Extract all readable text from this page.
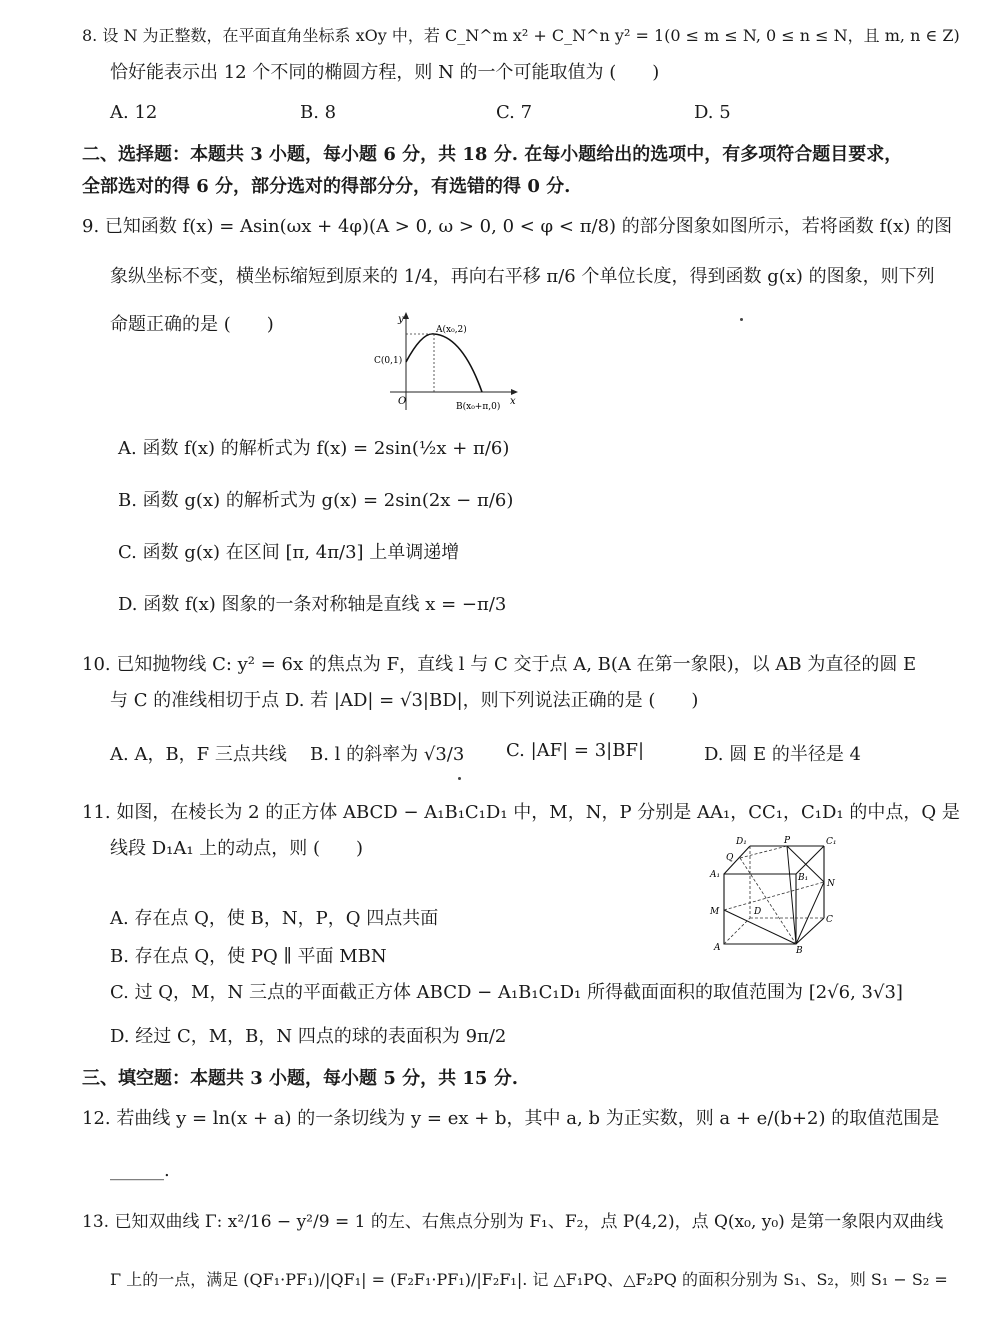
8. 设 N 为正整数，在平面直角坐标系 xOy 中，若 C_N^m x² + C_N^n y² = 1(0 ≤ m ≤ N, 0 ≤ n ≤ N，且 m, n ∈ Z)
恰好能表示出 12 个不同的椭圆方程，则 N 的一个可能取值为 (　　)
A. 12	B. 8	C. 7	D. 5
二、选择题：本题共 3 小题，每小题 6 分，共 18 分. 在每小题给出的选项中，有多项符合题目要求，
全部选对的得 6 分，部分选对的得部分分，有选错的得 0 分.
9. 已知函数 f(x) = Asin(ωx + 4φ)(A > 0, ω > 0, 0 < φ < π/8) 的部分图象如图所示，若将函数 f(x) 的图
象纵坐标不变，横坐标缩短到原来的 1/4，再向右平移 π/6 个单位长度，得到函数 g(x) 的图象，则下列
命题正确的是 (　　)	y
x
O
A(x₀,2)
C(0,1)
B(x₀+π,0)
A. 函数 f(x) 的解析式为 f(x) = 2sin(½x + π/6)
B. 函数 g(x) 的解析式为 g(x) = 2sin(2x − π/6)
C. 函数 g(x) 在区间 [π, 4π/3] 上单调递增
D. 函数 f(x) 图象的一条对称轴是直线 x = −π/3
10. 已知抛物线 C: y² = 6x 的焦点为 F，直线 l 与 C 交于点 A, B(A 在第一象限)，以 AB 为直径的圆 E
与 C 的准线相切于点 D. 若 |AD| = √3|BD|，则下列说法正确的是 (　　)
A. A，B，F 三点共线 B. l 的斜率为 √3/3 C. |AF| = 3|BF|	D. 圆 E 的半径是 4
11. 如图，在棱长为 2 的正方体 ABCD − A₁B₁C₁D₁ 中，M，N，P 分别是 AA₁，CC₁，C₁D₁ 的中点，Q 是
线段 D₁A₁ 上的动点，则 (　　)	D₁	P	C₁
Q
A₁	B₁
N
M	D
C
A	B
A. 存在点 Q，使 B，N，P，Q 四点共面
B. 存在点 Q，使 PQ ∥ 平面 MBN
C. 过 Q，M，N 三点的平面截正方体 ABCD − A₁B₁C₁D₁ 所得截面面积的取值范围为 [2√6, 3√3]
D. 经过 C，M，B，N 四点的球的表面积为 9π/2
三、填空题：本题共 3 小题，每小题 5 分，共 15 分.
12. 若曲线 y = ln(x + a) 的一条切线为 y = ex + b，其中 a, b 为正实数，则 a + e/(b+2) 的取值范围是
______.
13. 已知双曲线 Γ: x²/16 − y²/9 = 1 的左、右焦点分别为 F₁、F₂，点 P(4,2)，点 Q(x₀, y₀) 是第一象限内双曲线
Γ 上的一点，满足 (QF₁·PF₁)/|QF₁| = (F₂F₁·PF₁)/|F₂F₁|. 记 △F₁PQ、△F₂PQ 的面积分别为 S₁、S₂，则 S₁ − S₂ =
